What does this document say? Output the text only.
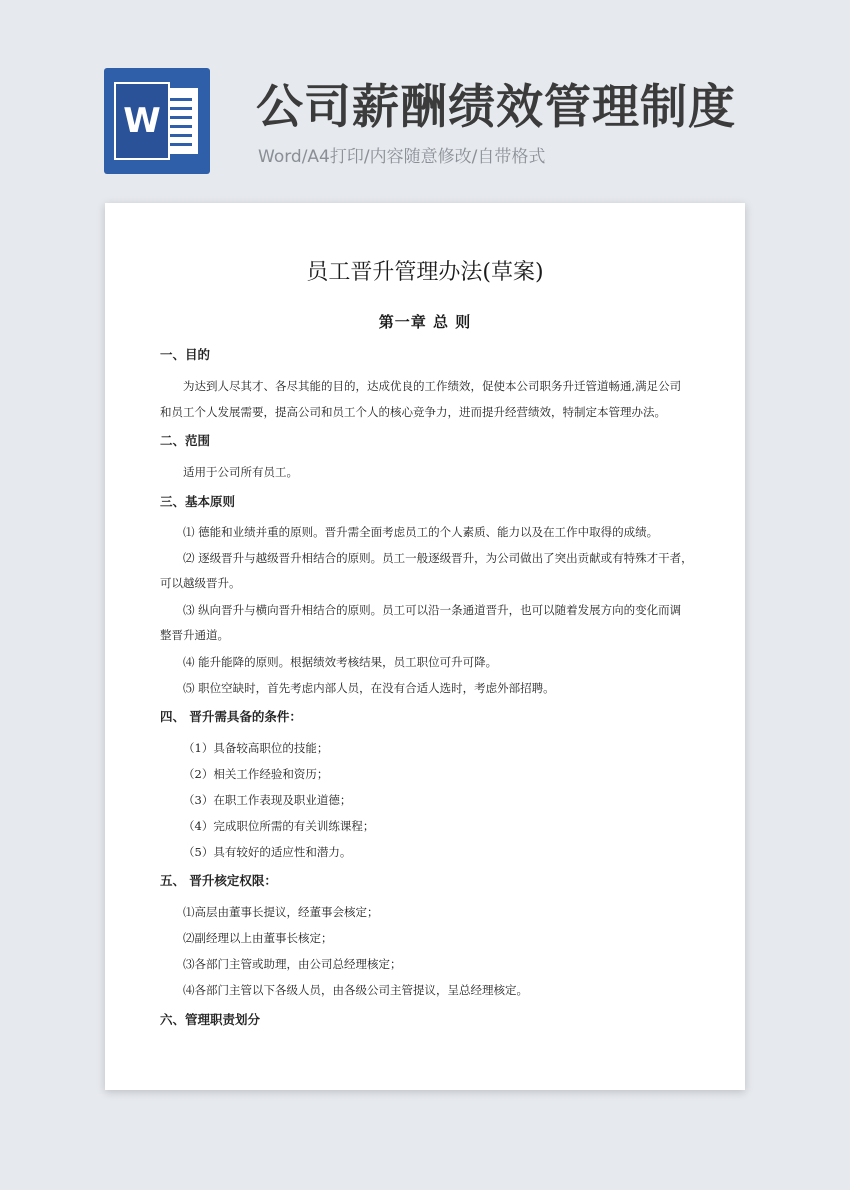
W 公司薪酬绩效管理制度
Word/A4打印/内容随意修改/自带格式
员工晋升管理办法(草案)
第一章 总 则
一、目的
为达到人尽其才、各尽其能的目的，达成优良的工作绩效，促使本公司职务升迁管道畅通,满足公司
和员工个人发展需要，提高公司和员工个人的核心竞争力，进而提升经营绩效，特制定本管理办法。
二、范围
适用于公司所有员工。
三、基本原则
⑴ 德能和业绩并重的原则。晋升需全面考虑员工的个人素质、能力以及在工作中取得的成绩。
⑵ 逐级晋升与越级晋升相结合的原则。员工一般逐级晋升，为公司做出了突出贡献或有特殊才干者，
可以越级晋升。
⑶ 纵向晋升与横向晋升相结合的原则。员工可以沿一条通道晋升，也可以随着发展方向的变化而调
整晋升通道。
⑷ 能升能降的原则。根据绩效考核结果，员工职位可升可降。
⑸ 职位空缺时，首先考虑内部人员，在没有合适人选时，考虑外部招聘。
四、 晋升需具备的条件：
（1）具备较高职位的技能；
（2）相关工作经验和资历；
（3）在职工作表现及职业道德；
（4）完成职位所需的有关训练课程；
（5）具有较好的适应性和潜力。
五、 晋升核定权限：
⑴高层由董事长提议，经董事会核定；
⑵副经理以上由董事长核定；
⑶各部门主管或助理，由公司总经理核定；
⑷各部门主管以下各级人员，由各级公司主管提议，呈总经理核定。
六、管理职责划分
